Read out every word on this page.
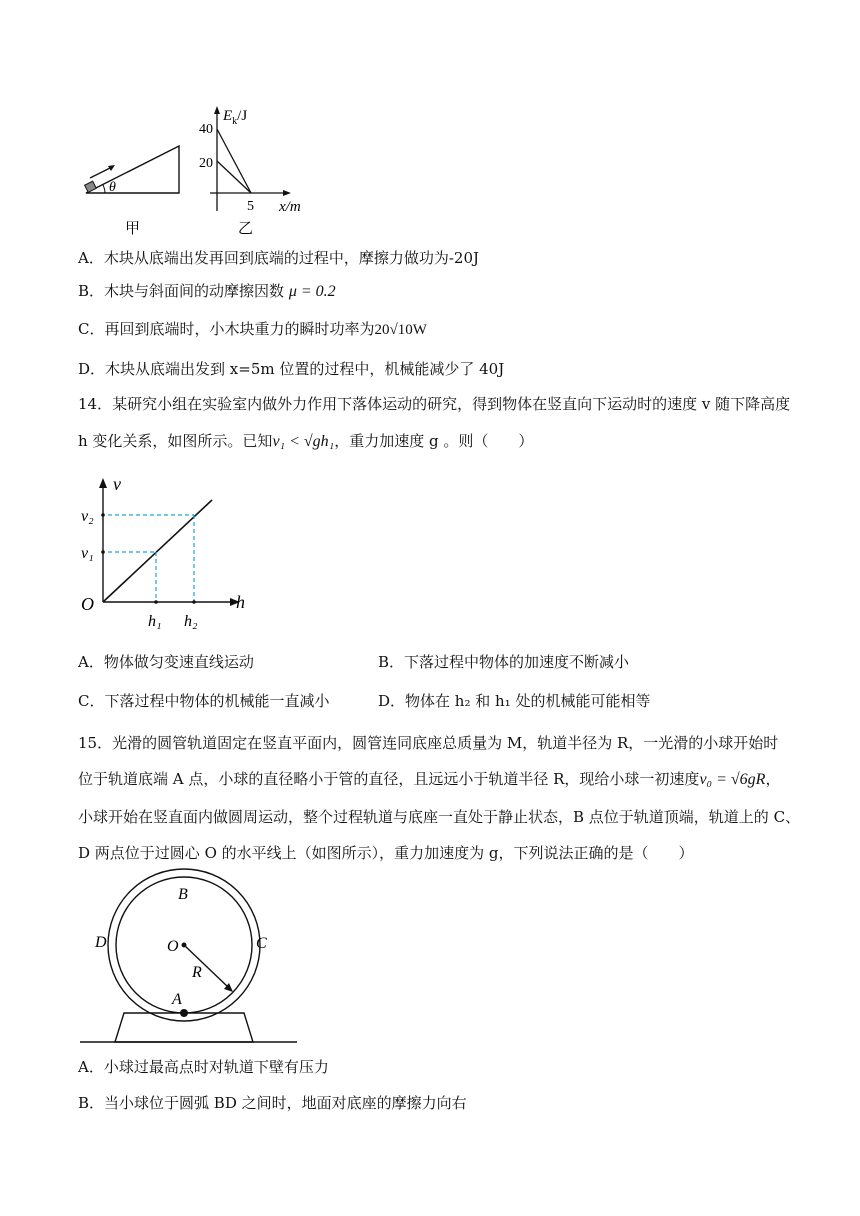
θ
甲
$E_k/J$
40
20
5 x/m
乙
A．木块从底端出发再回到底端的过程中，摩擦力做功为-20J
B．木块与斜面间的动摩擦因数 μ = 0.2
C．再回到底端时，小木块重力的瞬时功率为20√10W
D．木块从底端出发到 x=5m 位置的过程中，机械能减少了 40J
14．某研究小组在实验室内做外力作用下落体运动的研究，得到物体在竖直向下运动时的速度 v 随下降高度
h 变化关系，如图所示。已知v₁ < √gh₁，重力加速度 g 。则（　　）
v
h
O
v₁
v₂
h₁ h₂
A．物体做匀变速直线运动	B．下落过程中物体的加速度不断减小
C．下落过程中物体的机械能一直减小	D．物体在 h₂ 和 h₁ 处的机械能可能相等
15．光滑的圆管轨道固定在竖直平面内，圆管连同底座总质量为 M，轨道半径为 R，一光滑的小球开始时
位于轨道底端 A 点，小球的直径略小于管的直径，且远远小于轨道半径 R，现给小球一初速度v₀ = √6gR，
小球开始在竖直面内做圆周运动，整个过程轨道与底座一直处于静止状态，B 点位于轨道顶端，轨道上的 C、
D 两点位于过圆心 O 的水平线上（如图所示），重力加速度为 g，下列说法正确的是（　　）
B
O
D	C
R
A
A．小球过最高点时对轨道下壁有压力
B．当小球位于圆弧 BD 之间时，地面对底座的摩擦力向右
